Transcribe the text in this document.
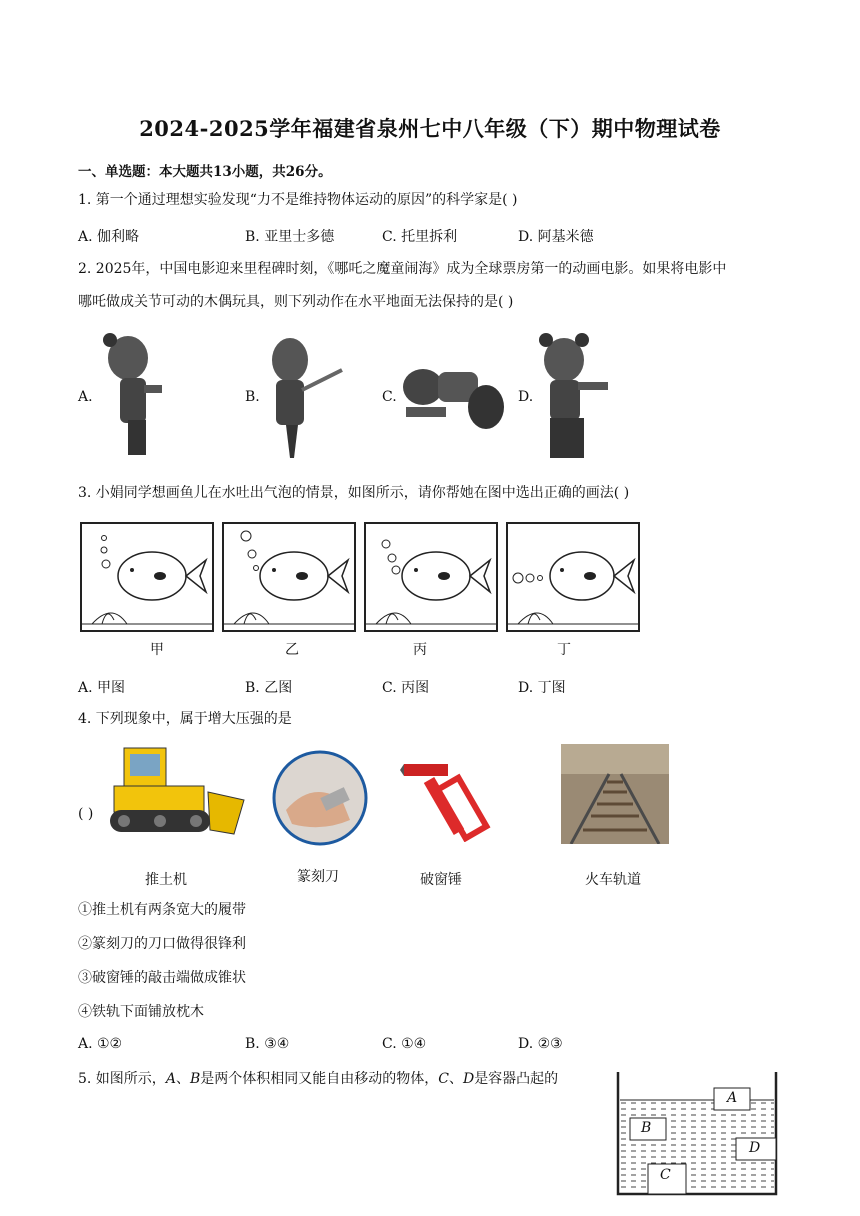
2024-2025学年福建省泉州七中八年级（下）期中物理试卷
一、单选题：本大题共13小题，共26分。
1. 第一个通过理想实验发现“力不是维持物体运动的原因”的科学家是( )
A. 伽利略	B. 亚里士多德	C. 托里拆利	D. 阿基米德
2. 2025年，中国电影迎来里程碑时刻，《哪吒之魔童闹海》成为全球票房第一的动画电影。如果将电影中
哪吒做成关节可动的木偶玩具，则下列动作在水平地面无法保持的是( )
A.	B.	C.	D.
3. 小娟同学想画鱼儿在水吐出气泡的情景，如图所示，请你帮她在图中选出正确的画法( )
甲	乙	丙	丁
A. 甲图	B. 乙图	C. 丙图	D. 丁图
4. 下列现象中，属于增大压强的是
( )
推土机	篆刻刀	破窗锤	火车轨道
①推土机有两条宽大的履带
②篆刻刀的刀口做得很锋利
③破窗锤的敲击端做成锥状
④铁轨下面铺放枕木
A. ①②	B. ③④	C. ①④	D. ②③
5. 如图所示，A、B是两个体积相同又能自由移动的物体，C、D是容器凸起的
A
B
C
D
